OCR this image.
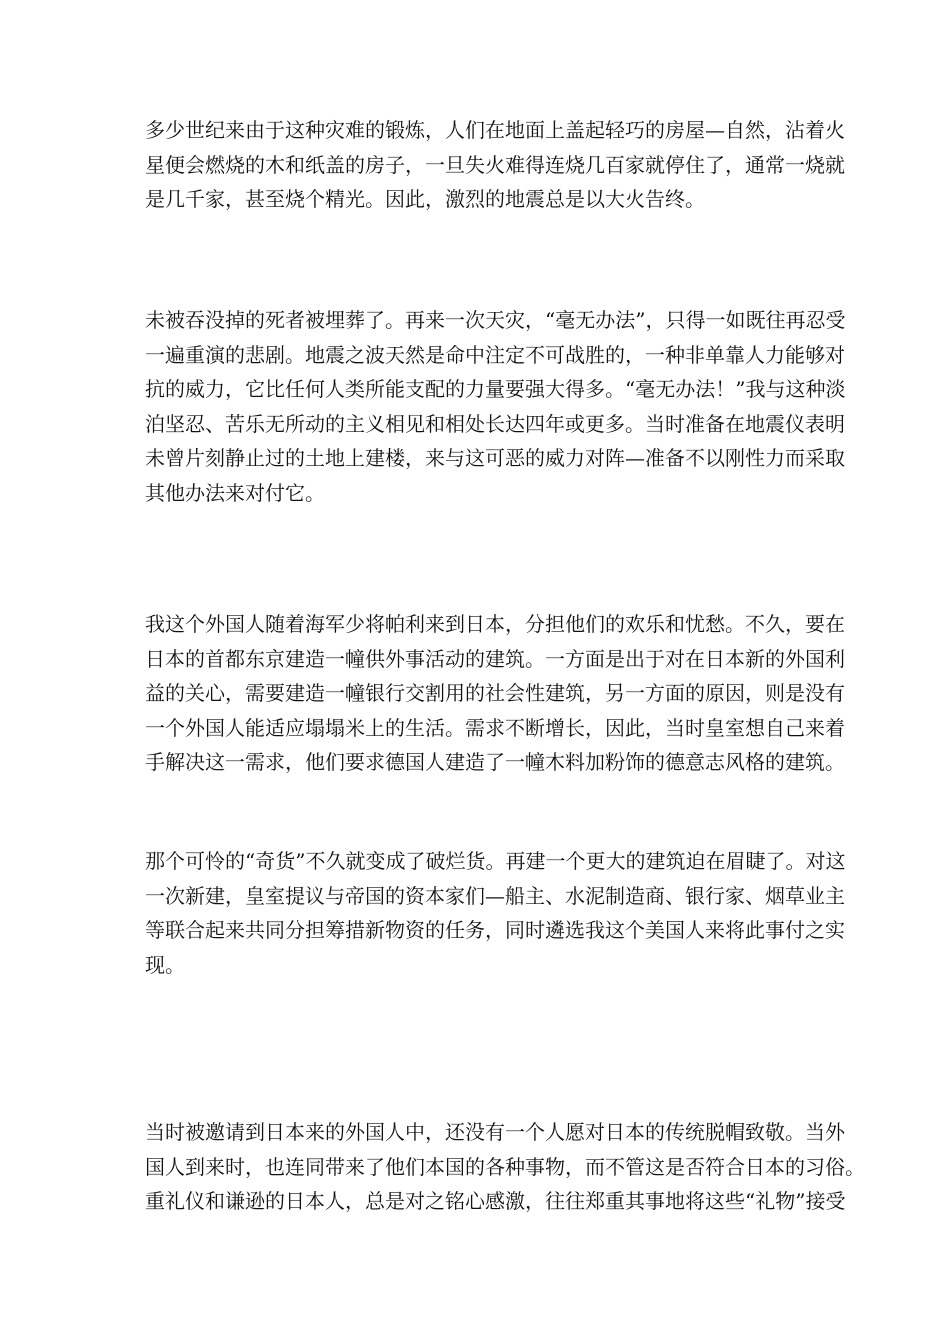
多少世纪来由于这种灾难的锻炼，人们在地面上盖起轻巧的房屋—自然，沾着火
星便会燃烧的木和纸盖的房子，一旦失火难得连烧几百家就停住了，通常一烧就
是几千家，甚至烧个精光。因此，激烈的地震总是以大火告终。
未被吞没掉的死者被埋葬了。再来一次天灾，“毫无办法”，只得一如既往再忍受
一遍重演的悲剧。地震之波天然是命中注定不可战胜的，一种非单靠人力能够对
抗的威力，它比任何人类所能支配的力量要强大得多。“毫无办法！”我与这种淡
泊坚忍、苦乐无所动的主义相见和相处长达四年或更多。当时准备在地震仪表明
未曾片刻静止过的土地上建楼，来与这可恶的威力对阵—准备不以刚性力而采取
其他办法来对付它。
我这个外国人随着海军少将帕利来到日本，分担他们的欢乐和忧愁。不久，要在
日本的首都东京建造一幢供外事活动的建筑。一方面是出于对在日本新的外国利
益的关心，需要建造一幢银行交割用的社会性建筑，另一方面的原因，则是没有
一个外国人能适应塌塌米上的生活。需求不断增长，因此，当时皇室想自己来着
手解决这一需求，他们要求德国人建造了一幢木料加粉饰的德意志风格的建筑。
那个可怜的“奇货”不久就变成了破烂货。再建一个更大的建筑迫在眉睫了。对这
一次新建，皇室提议与帝国的资本家们—船主、水泥制造商、银行家、烟草业主
等联合起来共同分担筹措新物资的任务，同时遴选我这个美国人来将此事付之实
现。
当时被邀请到日本来的外国人中，还没有一个人愿对日本的传统脱帽致敬。当外
国人到来时，也连同带来了他们本国的各种事物，而不管这是否符合日本的习俗。
重礼仪和谦逊的日本人，总是对之铭心感激，往往郑重其事地将这些“礼物”接受
